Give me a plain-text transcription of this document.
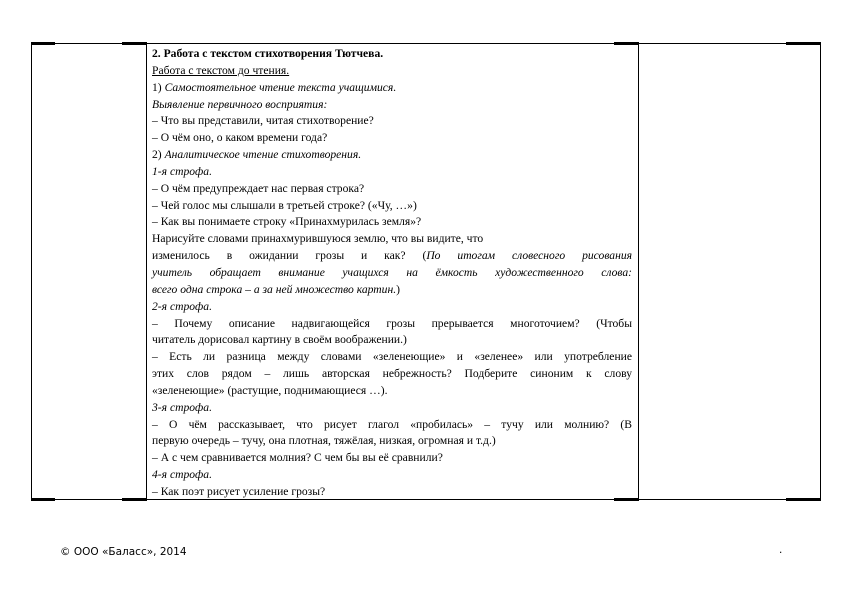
2. Работа с текстом стихотворения Тютчева.
Работа с текстом до чтения.
1) Самостоятельное чтение текста учащимися.
Выявление первичного восприятия:
– Что вы представили, читая стихотворение?
– О чём оно, о каком времени года?
2) Аналитическое чтение стихотворения.
1-я строфа.
– О чём предупреждает нас первая строка?
– Чей голос мы слышали в третьей строке? («Чу, …»)
– Как вы понимаете строку «Принахмурилась земля»?
Нарисуйте словами принахмурившуюся землю, что вы видите, что
изменилось в ожидании грозы и как? (По итогам словесного рисования
учитель обращает внимание учащихся на ёмкость художественного слова:
всего одна строка – а за ней множество картин.)
2-я строфа.
– Почему описание надвигающейся грозы прерывается многоточием? (Чтобы
читатель дорисовал картину в своём воображении.)
– Есть ли разница между словами «зеленеющие» и «зеленее» или употребление
этих слов рядом – лишь авторская небрежность? Подберите синоним к слову
«зеленеющие» (растущие, поднимающиеся …).
3-я строфа.
– О чём рассказывает, что рисует глагол «пробилась» – тучу или молнию? (В
первую очередь – тучу, она плотная, тяжёлая, низкая, огромная и т.д.)
– А с чем сравнивается молния? С чем бы вы её сравнили?
4-я строфа.
– Как поэт рисует усиление грозы?
© ООО «Баласс», 2014	.
